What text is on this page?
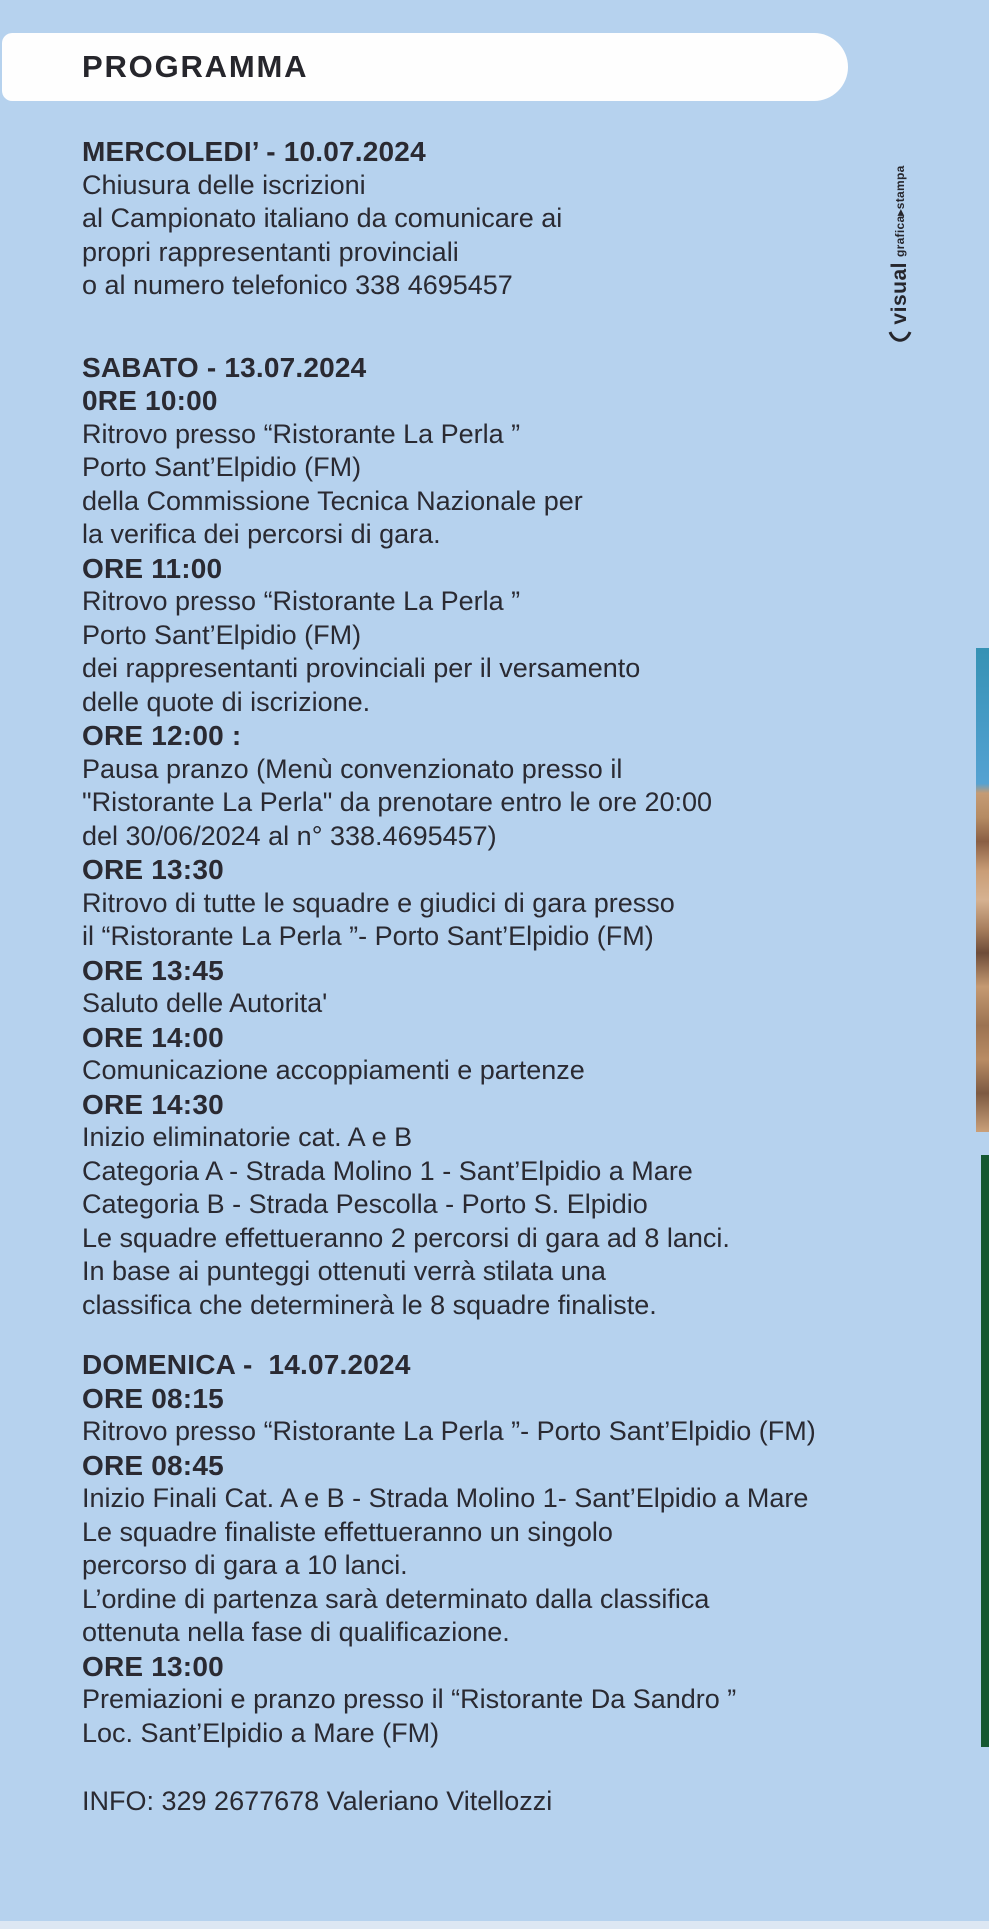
PROGRAMMA
visual
grafica▸stampa
MERCOLEDI’ - 10.07.2024
Chiusura delle iscrizioni
al Campionato italiano da comunicare ai
propri rappresentanti provinciali
o al numero telefonico 338 4695457
SABATO - 13.07.2024
0RE 10:00
Ritrovo presso “Ristorante La Perla ”
Porto Sant’Elpidio (FM)
della Commissione Tecnica Nazionale per
la verifica dei percorsi di gara.
ORE 11:00
Ritrovo presso “Ristorante La Perla ”
Porto Sant’Elpidio (FM)
dei rappresentanti provinciali per il versamento
delle quote di iscrizione.
ORE 12:00 :
Pausa pranzo (Menù convenzionato presso il
"Ristorante La Perla" da prenotare entro le ore 20:00
del 30/06/2024 al n° 338.4695457)
ORE 13:30
Ritrovo di tutte le squadre e giudici di gara presso
il “Ristorante La Perla ”- Porto Sant’Elpidio (FM)
ORE 13:45
Saluto delle Autorita'
ORE 14:00
Comunicazione accoppiamenti e partenze
ORE 14:30
Inizio eliminatorie cat. A e B
Categoria A - Strada Molino 1 - Sant’Elpidio a Mare
Categoria B - Strada Pescolla - Porto S. Elpidio
Le squadre effettueranno 2 percorsi di gara ad 8 lanci.
In base ai punteggi ottenuti verrà stilata una
classifica che determinerà le 8 squadre finaliste.
DOMENICA -  14.07.2024
ORE 08:15
Ritrovo presso “Ristorante La Perla ”- Porto Sant’Elpidio (FM)
ORE 08:45
Inizio Finali Cat. A e B - Strada Molino 1- Sant’Elpidio a Mare
Le squadre finaliste effettueranno un singolo
percorso di gara a 10 lanci.
L’ordine di partenza sarà determinato dalla classifica
ottenuta nella fase di qualificazione.
ORE 13:00
Premiazioni e pranzo presso il “Ristorante Da Sandro ”
Loc. Sant’Elpidio a Mare (FM)
INFO: 329 2677678 Valeriano Vitellozzi
